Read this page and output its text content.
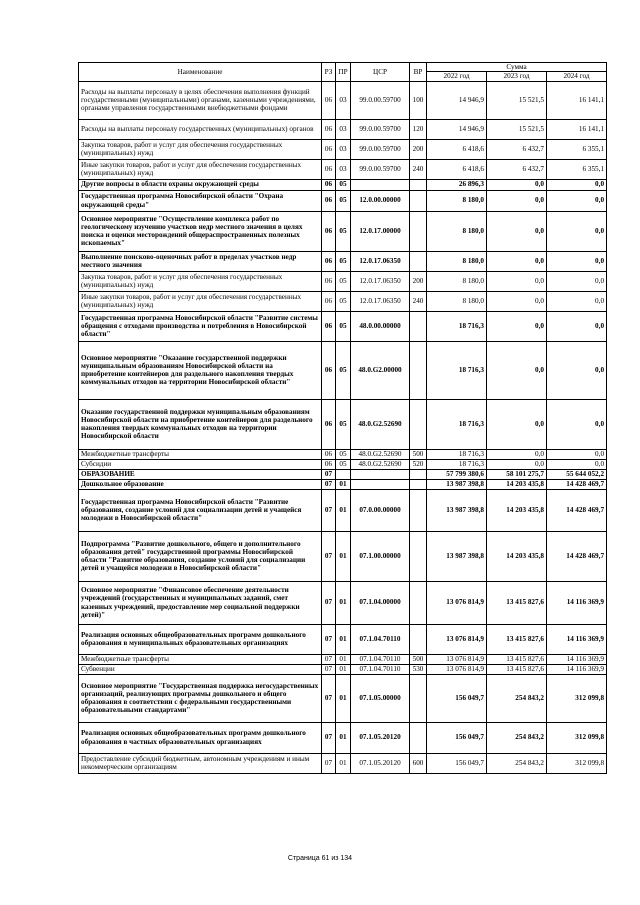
Наименование	РЗ	ПР	ЦСР	ВР	Сумма		
					2022 год	2023 год	2024 год
Расходы на выплаты персоналу в целях обеспечения выполнения функций государственными (муниципальными) органами, казенными учреждениями, органами управления государственными внебюджетными фондами	06	03	99.0.00.59700	100	14 946,9	15 521,5	16 141,1
Расходы на выплаты персоналу государственных (муниципальных) органов	06	03	99.0.00.59700	120	14 946,9	15 521,5	16 141,1
Закупка товаров, работ и услуг для обеспечения государственных (муниципальных) нужд	06	03	99.0.00.59700	200	6 418,6	6 432,7	6 355,1
Иные закупки товаров, работ и услуг для обеспечения государственных (муниципальных) нужд	06	03	99.0.00.59700	240	6 418,6	6 432,7	6 355,1
Другие вопросы в области охраны окружающей среды	06	05			26 896,3	0,0	0,0
Государственная программа Новосибирской области "Охрана окружающей среды"	06	05	12.0.00.00000		8 180,0	0,0	0,0
Основное мероприятие "Осуществление комплекса работ по геологическому изучению участков недр местного значения в целях поиска и оценки месторождений общераспространенных полезных ископаемых"	06	05	12.0.17.00000		8 180,0	0,0	0,0
Выполнение поисково-оценочных работ в пределах участков недр местного значения	06	05	12.0.17.06350		8 180,0	0,0	0,0
Закупка товаров, работ и услуг для обеспечения государственных (муниципальных) нужд	06	05	12.0.17.06350	200	8 180,0	0,0	0,0
Иные закупки товаров, работ и услуг для обеспечения государственных (муниципальных) нужд	06	05	12.0.17.06350	240	8 180,0	0,0	0,0
Государственная программа Новосибирской области "Развитие системы обращения с отходами производства и потребления в Новосибирской области"	06	05	48.0.00.00000		18 716,3	0,0	0,0
Основное мероприятие "Оказание государственной поддержки муниципальным образованиям Новосибирской области на приобретение контейнеров для раздельного накопления твердых коммунальных отходов на территории Новосибирской области"	06	05	48.0.G2.00000		18 716,3	0,0	0,0
Оказание государственной поддержки муниципальным образованиям Новосибирской области на приобретение контейнеров для раздельного накопления твердых коммунальных отходов на территории Новосибирской области	06	05	48.0.G2.52690		18 716,3	0,0	0,0
Межбюджетные трансферты	06	05	48.0.G2.52690	500	18 716,3	0,0	0,0
Субсидии	06	05	48.0.G2.52690	520	18 716,3	0,0	0,0
ОБРАЗОВАНИЕ	07				57 799 380,6	58 101 275,7	55 644 052,2
Дошкольное образование	07	01			13 987 398,8	14 203 435,8	14 428 469,7
Государственная программа Новосибирской области "Развитие образования, создание условий для социализации детей и учащейся молодежи в Новосибирской области"	07	01	07.0.00.00000		13 987 398,8	14 203 435,8	14 428 469,7
Подпрограмма "Развитие дошкольного, общего и дополнительного образования детей" государственной программы Новосибирской области "Развитие образования, создание условий для социализации детей и учащейся молодежи в Новосибирской области"	07	01	07.1.00.00000		13 987 398,8	14 203 435,8	14 428 469,7
Основное мероприятие "Финансовое обеспечение деятельности учреждений (государственных и муниципальных заданий, смет казенных учреждений, предоставление мер социальной поддержки детей)"	07	01	07.1.04.00000		13 076 814,9	13 415 827,6	14 116 369,9
Реализация основных общеобразовательных программ дошкольного образования в муниципальных образовательных организациях	07	01	07.1.04.70110		13 076 814,9	13 415 827,6	14 116 369,9
Межбюджетные трансферты	07	01	07.1.04.70110	500	13 076 814,9	13 415 827,6	14 116 369,9
Субвенции	07	01	07.1.04.70110	530	13 076 814,9	13 415 827,6	14 116 369,9
Основное мероприятие "Государственная поддержка негосударственных организаций, реализующих программы дошкольного и общего образования в соответствии с федеральными государственными образовательными стандартами"	07	01	07.1.05.00000		156 049,7	254 843,2	312 099,8
Реализация основных общеобразовательных программ дошкольного образования в частных образовательных организациях	07	01	07.1.05.20120		156 049,7	254 843,2	312 099,8
Предоставление субсидий бюджетным, автономным учреждениям и иным некоммерческим организациям	07	01	07.1.05.20120	600	156 049,7	254 843,2	312 099,8
Страница 61 из 134
